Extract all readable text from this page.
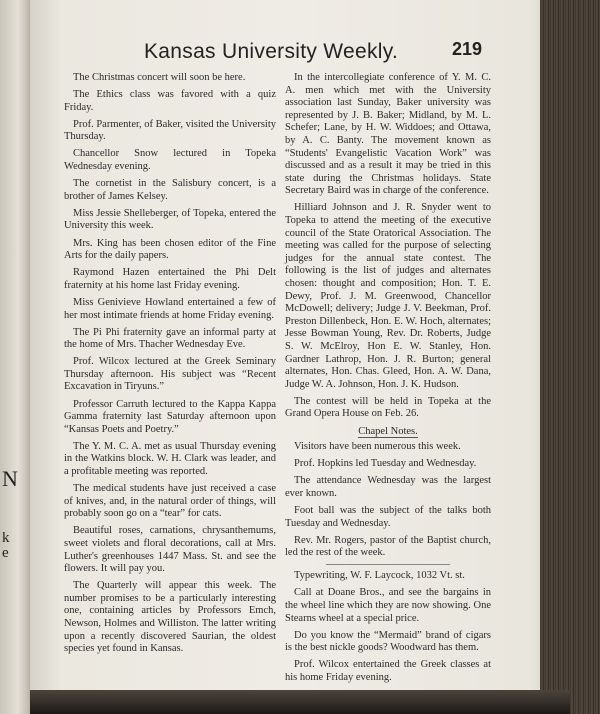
N
k
e
Kansas University Weekly.	219

The Christmas concert will soon be here.

The Ethics class was favored with a quiz Friday.

Prof. Parmenter, of Baker, visited the University Thursday.

Chancellor Snow lectured in Topeka Wednesday evening.

The cornetist in the Salisbury concert, is a brother of James Kelsey.

Miss Jessie Shelleberger, of Topeka, entered the University this week.

Mrs. King has been chosen editor of the Fine Arts for the daily papers.

Raymond Hazen entertained the Phi Delt fraternity at his home last Friday evening.

Miss Genivieve Howland entertained a few of her most intimate friends at home Friday evening.

The Pi Phi fraternity gave an informal party at the home of Mrs. Thacher Wednesday Eve.

Prof. Wilcox lectured at the Greek Seminary Thursday afternoon. His subject was “Recent Excavation in Tiryuns.”

Professor Carruth lectured to the Kappa Kappa Gamma fraternity last Saturday afternoon upon “Kansas Poets and Poetry.”

The Y. M. C. A. met as usual Thursday evening in the Watkins block. W. H. Clark was leader, and a profitable meeting was reported.

The medical students have just received a case of knives, and, in the natural order of things, will probably soon go on a “tear” for cats.

Beautiful roses, carnations, chrysanthemums, sweet violets and floral decorations, call at Mrs. Luther's greenhouses 1447 Mass. St. and see the flowers. It will pay you.

The Quarterly will appear this week. The number promises to be a particularly interesting one, containing articles by Professors Emch, Newson, Holmes and Williston. The latter writing upon a recently discovered Saurian, the oldest species yet found in Kansas.

In the intercollegiate conference of Y. M. C. A. men which met with the University association last Sunday, Baker university was represented by J. B. Baker; Midland, by M. L. Schefer; Lane, by H. W. Widdoes; and Ottawa, by A. C. Banty. The movement known as “Students' Evangelistic Vacation Work” was discussed and as a result it may be tried in this state during the Christmas holidays. State Secretary Baird was in charge of the conference.

Hilliard Johnson and J. R. Snyder went to Topeka to attend the meeting of the executive council of the State Oratorical Association. The meeting was called for the purpose of selecting judges for the annual state contest. The following is the list of judges and alternates chosen: thought and composition; Hon. T. E. Dewy, Prof. J. M. Greenwood, Chancellor McDowell; delivery; Judge J. V. Beekman, Prof. Preston Dillenbeck, Hon. E. W. Hoch, alternates; Jesse Bowman Young, Rev. Dr. Roberts, Judge S. W. McElroy, Hon E. W. Stanley, Hon. Gardner Lathrop, Hon. J. R. Burton; general alternates, Hon. Chas. Gleed, Hon. A. W. Dana, Judge W. A. Johnson, Hon. J. K. Hudson.

The contest will be held in Topeka at the Grand Opera House on Feb. 26.

Chapel Notes.

Visitors have been numerous this week.

Prof. Hopkins led Tuesday and Wednesday.

The attendance Wednesday was the largest ever known.

Foot ball was the subject of the talks both Tuesday and Wednesday.

Rev. Mr. Rogers, pastor of the Baptist church, led the rest of the week.

Typewriting, W. F. Laycock, 1032 Vt. st.

Call at Doane Bros., and see the bargains in the wheel line which they are now showing. One Stearns wheel at a special price.

Do you know the “Mermaid” brand of cigars is the best nickle goods? Woodward has them.

Prof. Wilcox entertained the Greek classes at his home Friday evening.
